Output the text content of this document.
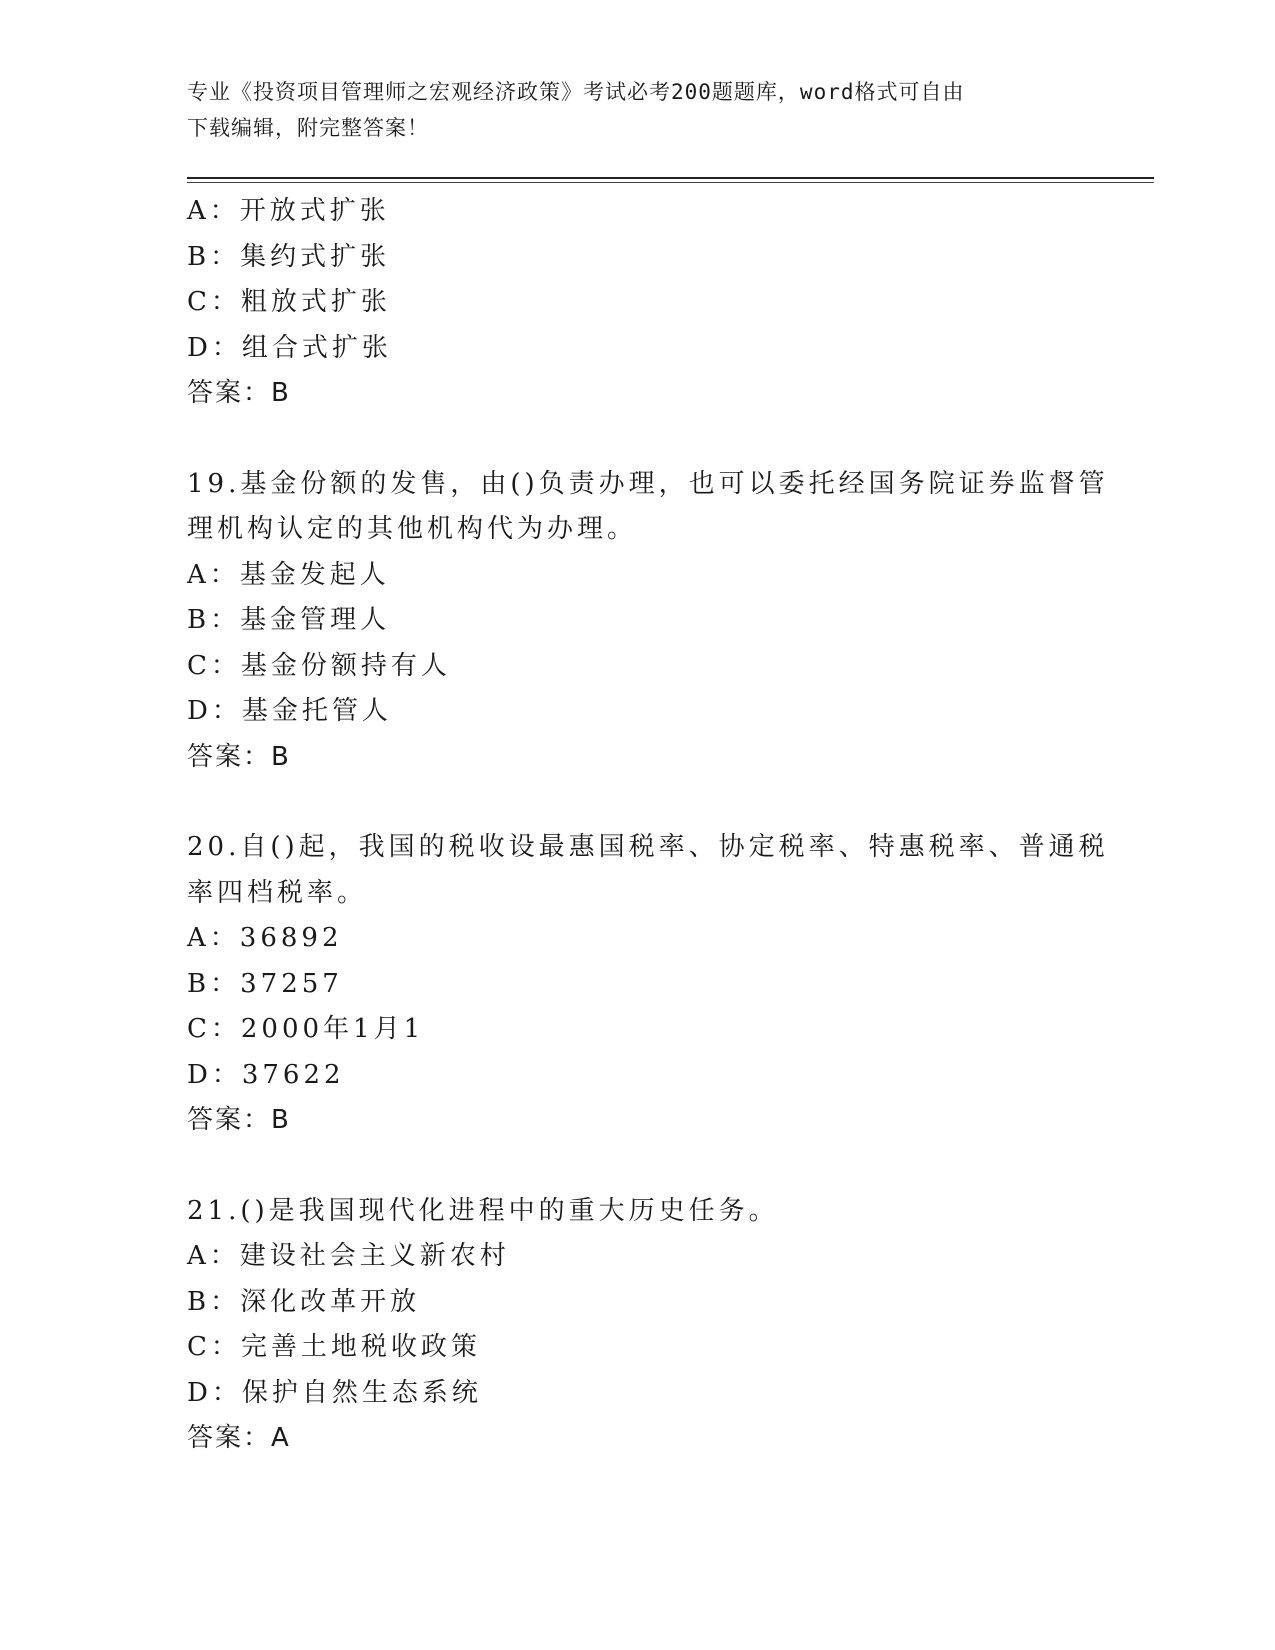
专业《投资项目管理师之宏观经济政策》考试必考200题题库，word格式可自由
下载编辑，附完整答案！
A：开放式扩张
B：集约式扩张
C：粗放式扩张
D：组合式扩张
答案：B
19.基金份额的发售，由()负责办理，也可以委托经国务院证券监督管
理机构认定的其他机构代为办理。
A：基金发起人
B：基金管理人
C：基金份额持有人
D：基金托管人
答案：B
20.自()起，我国的税收设最惠国税率、协定税率、特惠税率、普通税
率四档税率。
A：36892
B：37257
C：2000年1月1
D：37622
答案：B
21.()是我国现代化进程中的重大历史任务。
A：建设社会主义新农村
B：深化改革开放
C：完善土地税收政策
D：保护自然生态系统
答案：A
